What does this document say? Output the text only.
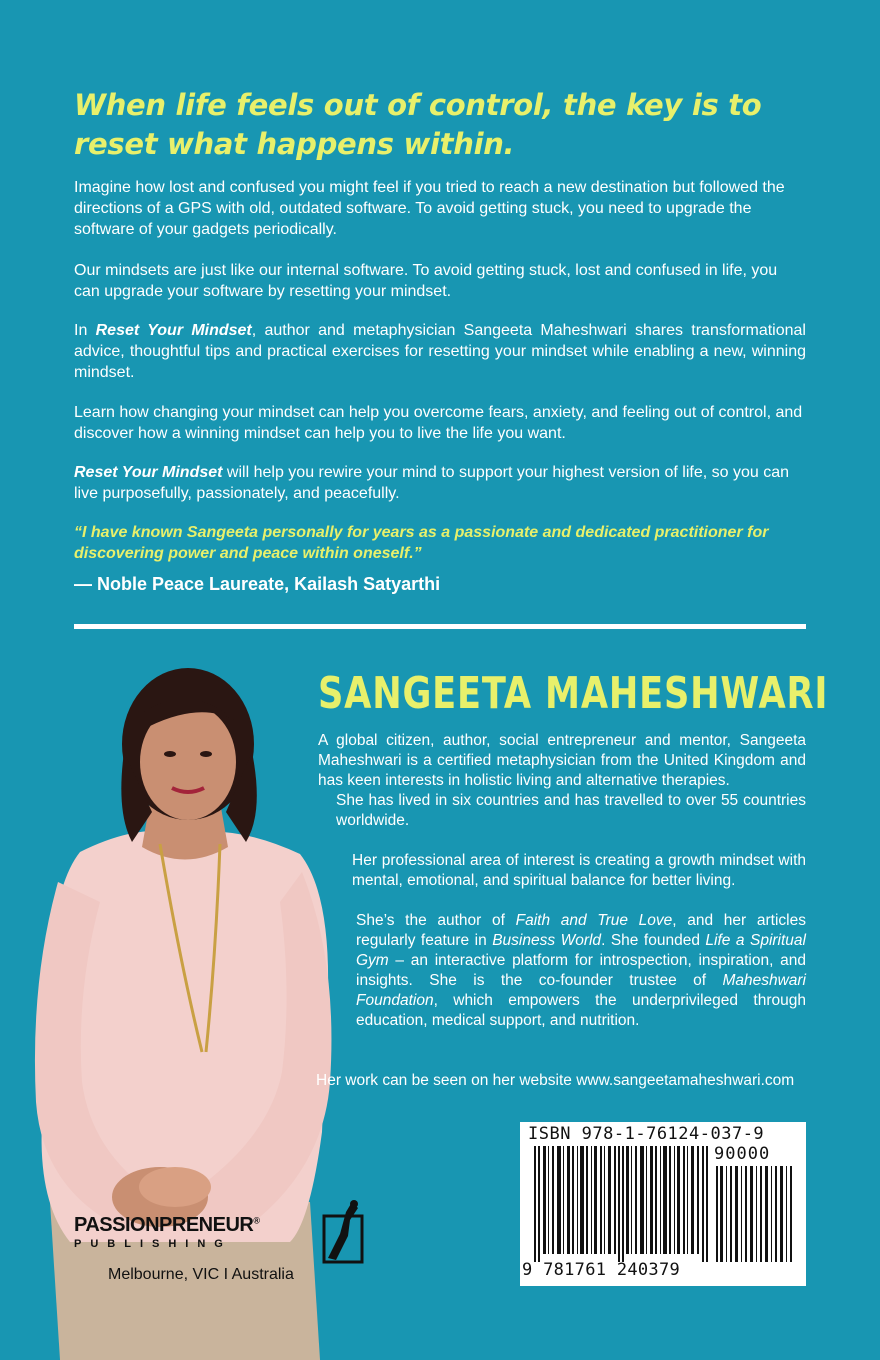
When life feels out of control, the key is to reset what happens within.

Imagine how lost and confused you might feel if you tried to reach a new destination but followed the directions of a GPS with old, outdated software. To avoid getting stuck, you need to upgrade the software of your gadgets periodically.

Our mindsets are just like our internal software. To avoid getting stuck, lost and confused in life, you can upgrade your software by resetting your mindset.

In Reset Your Mindset, author and metaphysician Sangeeta Maheshwari shares transformational advice, thoughtful tips and practical exercises for resetting your mindset while enabling a new, winning mindset.

Learn how changing your mindset can help you overcome fears, anxiety, and feeling out of control, and discover how a winning mindset can help you to live the life you want.

Reset Your Mindset will help you rewire your mind to support your highest version of life, so you can live purposefully, passionately, and peacefully.

“I have known Sangeeta personally for years as a passionate and dedicated practitioner for discovering power and peace within oneself.”

— Noble Peace Laureate, Kailash Satyarthi

SANGEETA MAHESHWARI

A global citizen, author, social entrepreneur and mentor, Sangeeta Maheshwari is a certified metaphysician from the United Kingdom and has keen interests in holistic living and alternative therapies.

She has lived in six countries and has travelled to over 55 countries worldwide.

Her professional area of interest is creating a growth mindset with mental, emotional, and spiritual balance for better living.

She’s the author of Faith and True Love, and her articles regularly feature in Business World. She founded Life a Spiritual Gym – an interactive platform for introspection, inspiration, and insights. She is the co-founder trustee of Maheshwari Foundation, which empowers the underprivileged through education, medical support, and nutrition.

Her work can be seen on her website www.sangeetamaheshwari.com

ISBN 978-1-76124-037-9

90000

9 781761 240379

PASSIONPRENEUR®

PUBLISHING

Melbourne, VIC I Australia
